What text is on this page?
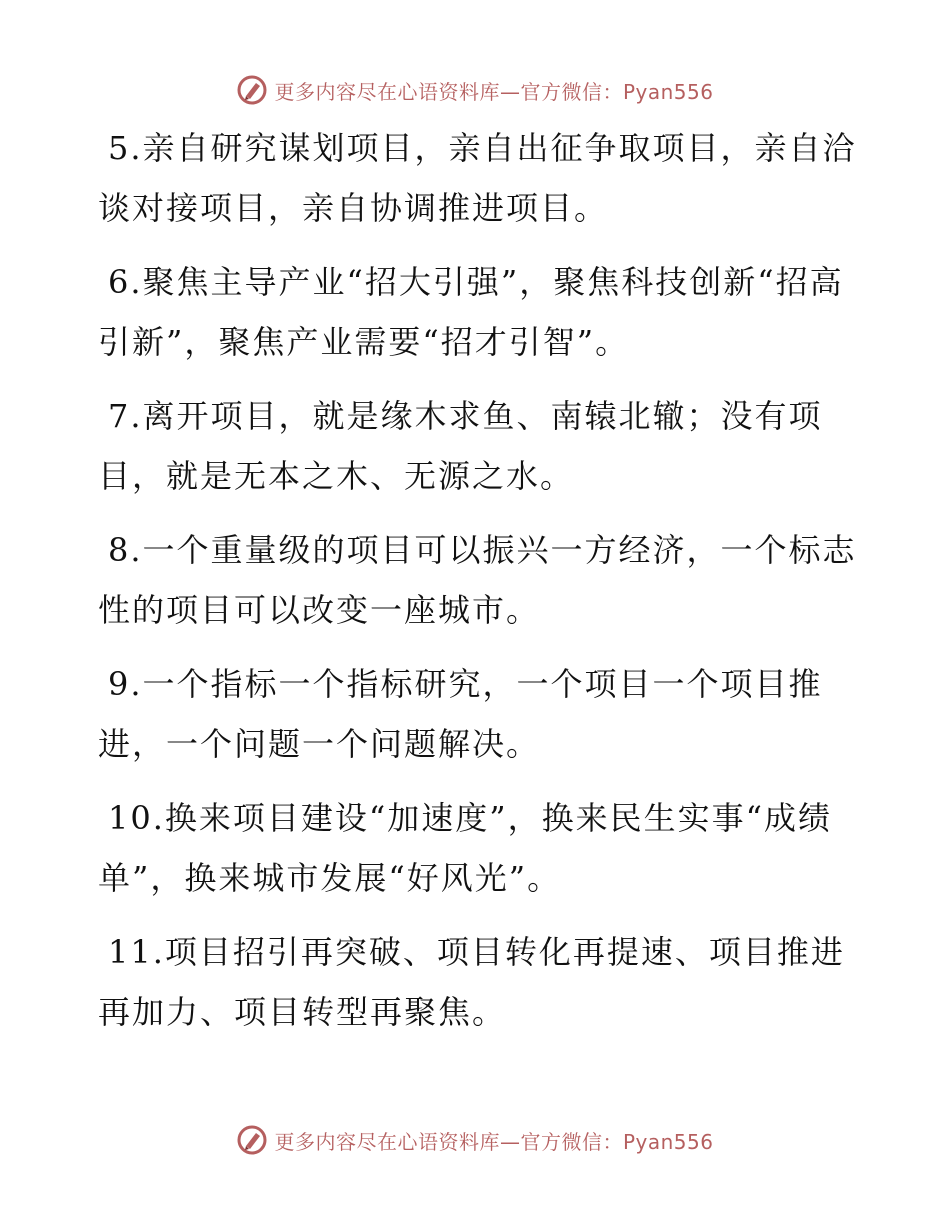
更多内容尽在心语资料库—官方微信：Pyan556

5.亲自研究谋划项目，亲自出征争取项目，亲自洽谈对接项目，亲自协调推进项目。

6.聚焦主导产业“招大引强”，聚焦科技创新“招高引新”，聚焦产业需要“招才引智”。

7.离开项目，就是缘木求鱼、南辕北辙；没有项目，就是无本之木、无源之水。

8.一个重量级的项目可以振兴一方经济，一个标志性的项目可以改变一座城市。

9.一个指标一个指标研究，一个项目一个项目推进，一个问题一个问题解决。

10.换来项目建设“加速度”，换来民生实事“成绩单”，换来城市发展“好风光”。

11.项目招引再突破、项目转化再提速、项目推进再加力、项目转型再聚焦。

更多内容尽在心语资料库—官方微信：Pyan556
